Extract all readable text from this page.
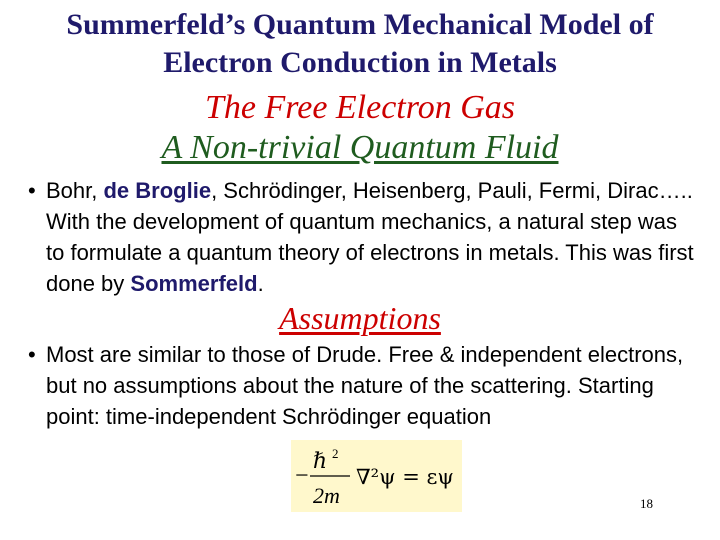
Summerfeld’s Quantum Mechanical Model of
Electron Conduction in Metals
The Free Electron Gas
A Non-trivial Quantum Fluid
• Bohr, de Broglie, Schrödinger, Heisenberg, Pauli, Fermi, Dirac….. With the development of quantum mechanics, a natural step was to formulate a quantum theory of electrons in metals. This was first done by Sommerfeld.
Assumptions
• Most are similar to those of Drude. Free & independent electrons, but no assumptions about the nature of the scattering. Starting point: time-independent Schrödinger equation
−
ℏ 2
2m
∇²ψ = εψ
18
